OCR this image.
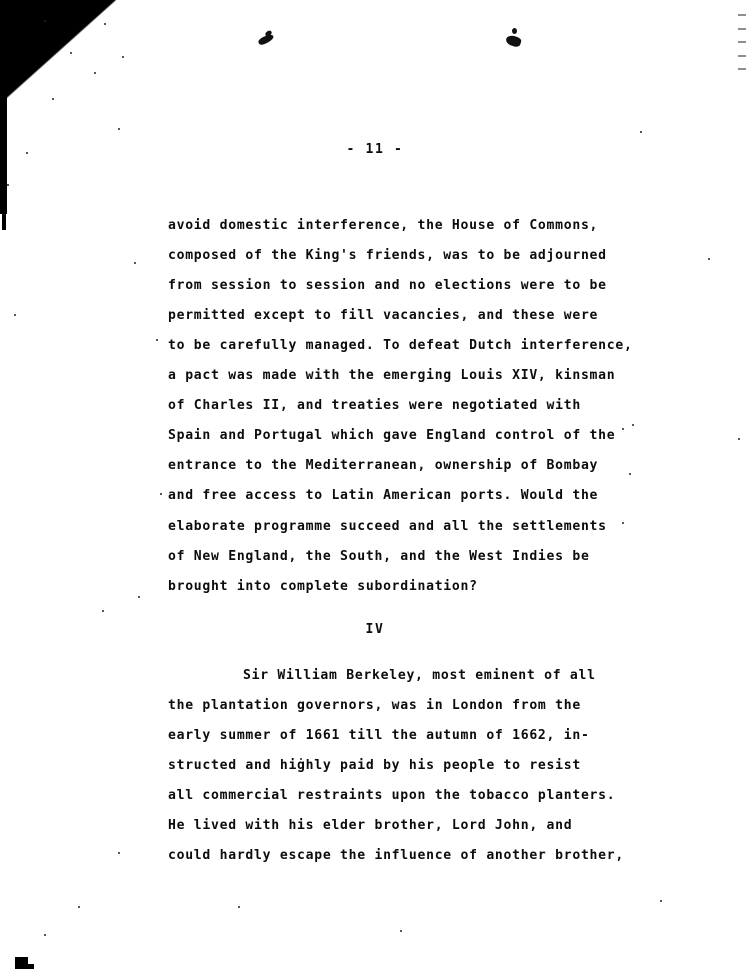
- 11 -
IV
avoid domestic interference, the House of Commons,
composed of the King's friends, was to be adjourned
from session to session and no elections were to be
permitted except to fill vacancies, and these were
to be carefully managed. To defeat Dutch interference,
a pact was made with the emerging Louis XIV, kinsman
of Charles II, and treaties were negotiated with
Spain and Portugal which gave England control of the
entrance to the Mediterranean, ownership of Bombay
and free access to Latin American ports. Would the
elaborate programme succeed and all the settlements
of New England, the South, and the West Indies be
brought into complete subordination?
Sir William Berkeley, most eminent of all
the plantation governors, was in London from the
early summer of 1661 till the autumn of 1662, in-
structed and highly paid by his people to resist
all commercial restraints upon the tobacco planters.
He lived with his elder brother, Lord John, and
could hardly escape the influence of another brother,
